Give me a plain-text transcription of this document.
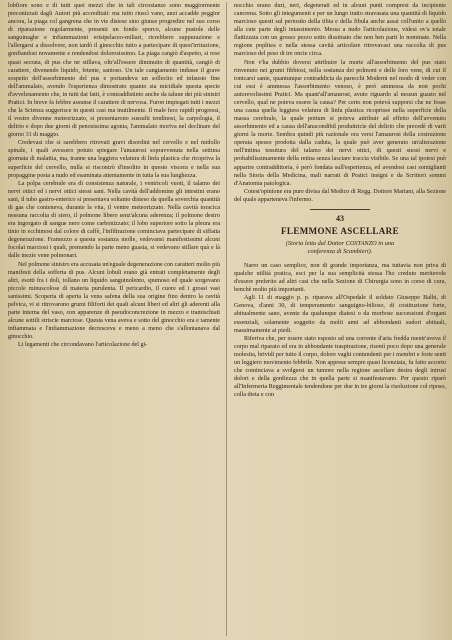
lobfiore sono e di tutti quei mezzi che in tali circostanze sono maggiormente preconizzati dagli Autori più accreditati: ma tutto riuscì vano, anzi accadde peggior ancora, la piaga col gangrena che in vie distese sino giunse progredire nel suo corso di riparazione regolarmente, presenti un fondo sporco, alcune pustole delle sanguinaghe e infiammazioni erisipelaceo-miliari, ricrebbero suppurazione e l'allergarsi a dissolvere, non tardò il ginocchio tutto a partecipare di quest'irritazione, gonfiandosi novamente e rendendosi dolorosissimo. La piaga cangiò d'aspetto, si rese quasi secrata, di pus che ne stillava, oltr'all'essere diminuito di quantità, cangiò di carattere, divenendo liquido, fetente, sanioso. Un tale cangiamento indusse il grave sospetto dell'assorbimento del pus e portandeva un sollecito ed infausto fine dell'ammalato, avendo l'esperienza dimostrato quanto sia micidiale questa specie d'avvelenamento che, in tutti dai fatti, è contraddistinto anche da talune dei più sinistri Pratici. In breve fa febbre assunse il carattere di nervosa. Furon impiegati tutti i mezzi che la Scienza suggerisce in questi casi ma inutilmente. Il male fece rapidi progressi, il vostro divenne meteorizzato, si presentarono sussulti tendinosi, la carpologia, il delirio e dopo due giorni di penosissima agonia, l'ammalato moriva nel declinare del giorno 31 di maggio.

Credevasi che si sarebbero ritrovati gravi disordini nel cervello e nel midollo spinale, i quali avessero potuto spiegare l'amaurosi sopravvenuta nella settima giornata di malattia, ma, tranne una leggiera velatura di linfa plastica che ricopriva la superficie del cervello, nulla si riscontrò d'insolito in questo viscera e nella sua propaggine posta a nudo ed esaminata attentamente in tutta la sua lunghezza.

La polpa cerebrale era di consistenza naturale, i ventricoli vuoti, il talamo dei nervi ottici ed i nervi ottici stessi sani. Nella cavità dell'addomine gli intestini erano sani, il tubo gastro-enterico si presentava soltanto disteso da quella soverchia quantità di gas che conteneva, durante la vita, il ventre meteorizzato. Nella cavità toracica nessuna raccolta di siero, il polmone libero senz'alcuna aderenza; il polmone destro era ingorgato di sangue nero come carbonizzato; il lobo superiore sotto la pleura era tinto in ecchimosi dal colore di caffè, l'infiltrazione cominciava partecipare di siffatta degenerazione. Framezzo a questa sostanza molle, vedevansi manifestissimi alcuni focolai marciosi i quali, premendo la parte meno guasta, si vedevano stillare quà e là dalle inezie vene polmonari.

Nel polmone sinistro era accusata un'eguale degenerazione con caratteri molto più manifesti della sofferta di pus. Alcuni lobuli erano già entrati completamente degli altri, esotti fra i dolì, tollano un liquido sanguinolento, spumoso ed quale sorgevano piccole minuscolose di materia purulenta. Il pericardio, il cuore ed i grossi vasi sanissimi. Scoperta di aperta la vena safena della sua origine fino dentro la cavità pelvica, vi si ritrovarono grumi filiforti dei quali alcuni liberi ed altri gli aderenti alla parte interna del vaso, con apparenze di pseudoconcrezione in mezzo e tramischiati alcune sottili striscie marciose. Questa vena aveva e sotto del ginocchio era e tamente infiammata e l'infiammazione decresceva e meno a meno che s'allontanava dal ginocchio.

Li legamenti che circondavano l'articolazione del gi-

nocchio erano duri, neri, degenerati ed in alcuni punti compresi da incipiente cancrena. Sotto gli integumenti e per un lungo tratto stravasata una quantità di liquido marcioso questi sul periostio della tibia e della fibula anche assai coll'unito a quello alla cute parte degli intassimento. Messa a nudo l'articolazione, videsi ov'a totale flattizzata con un grosso pezzo sotto dissimato che non ben parti lo nominate. Nella regione poplitea e nella stessa cavità articolare ritrovavasi una raccolta di pus marcioso del peso di tre oncie circa.

Non v'ha dubbio doversi attribuire la morte all'assorbimento del pus stato rinvenuto nei grumi fibbiosi, nella sostanza dei polmoni e delle loro vene, di cui il tonicarsi sanie, quantunque contraddicta da parecchi Moderni nel modo di veder con cui essi è ammessa l'assorbimento venoso, è però ammessa da non pochi autorevolissimi Pratici. Ma quant'all'amaurosi, avuto riguardo al nessun guasto nel cervello, qual ne poteva essere la causa? Per certo non potevá supporsi che ne fosse una causa quella leggiera velatura di linfa plastica ricoprisse nella superficie della massa cerebrale, la quale pottum si poteva attribuir ad effetto dell'avvenuto assorbimento ed a causa dell'anacondibil produttricie del delirio che precedè di varii giorni la morte. Sembra quindi più razionale ora versi l'amaurosi della costruzione operata spesso prodotta dalla caduta, la quale può aver generato un'alterazione nell'intima tessitura del talamo dei nervi ottici, di questi stessi nervi e probabilissimamente della retina senza lasciare traccia visibile. Se una tal ipotesi può apparire contraddittoria, è però fondata sull'esperienza, ed avendosi casi somiglianti nella Storia della Medicina, mali narrati di Pratici insigni e da Scrittori sommi d'Anatomia patologica.

Cotest'opinione era pure divisa dal Medico di Regg. Dottore Mariani, alla Sezione del quale apparteneva l'infermo.

43
FLEMMONE ASCELLARE
(Storia letta dal Dottor COSTANZO in una
conferenza di Scambieri).

Narro un caso semplice, non di grande importanza, ma tuttavia non priva di qualche utilità pratica, esci per la sua semplicità stessa l'ho creduto meritevole d'essere preferito ad altri casi che nella Sezione di Chirurgia sono in corso di cura, benchè molto più importanti.

Agli 11 di maggio p. p. riparava all'Ospedale il soldato Giuseppe Balbi, di Genova, d'anni 30, di temperamento sanguigno-bilioso, di costituzione forte, abitualmente sano, avente da qualunque diatesi o da morbose successioni d'organi essenziali, solamente soggetto da molti anni ad abbondanti sudori abituali, massimamente ai piedi.

Riferiva che, per essere stato esposto ad una corrente d'aria fredda mentr'aveva il corpo mal riparato ed era in abbondante traspirazione, risentì poco dopo una generale molestia, brividi per tutto il corpo, dolore vaghi contundenti per i membri e forte senti un leggiero movimento febbrile. Non apprese sempre quasi licenziata, fu fatto accorto che cominciava a svolgersi un tumore nella regione ascellare destra degli intrusi dolori e della gonfiezza che in quella parte si manifestavano. Per questo riparò all'Infermeria Reggimentale tendendone per due in tre giorni la risoluzione col riposo, colla dieta e con
